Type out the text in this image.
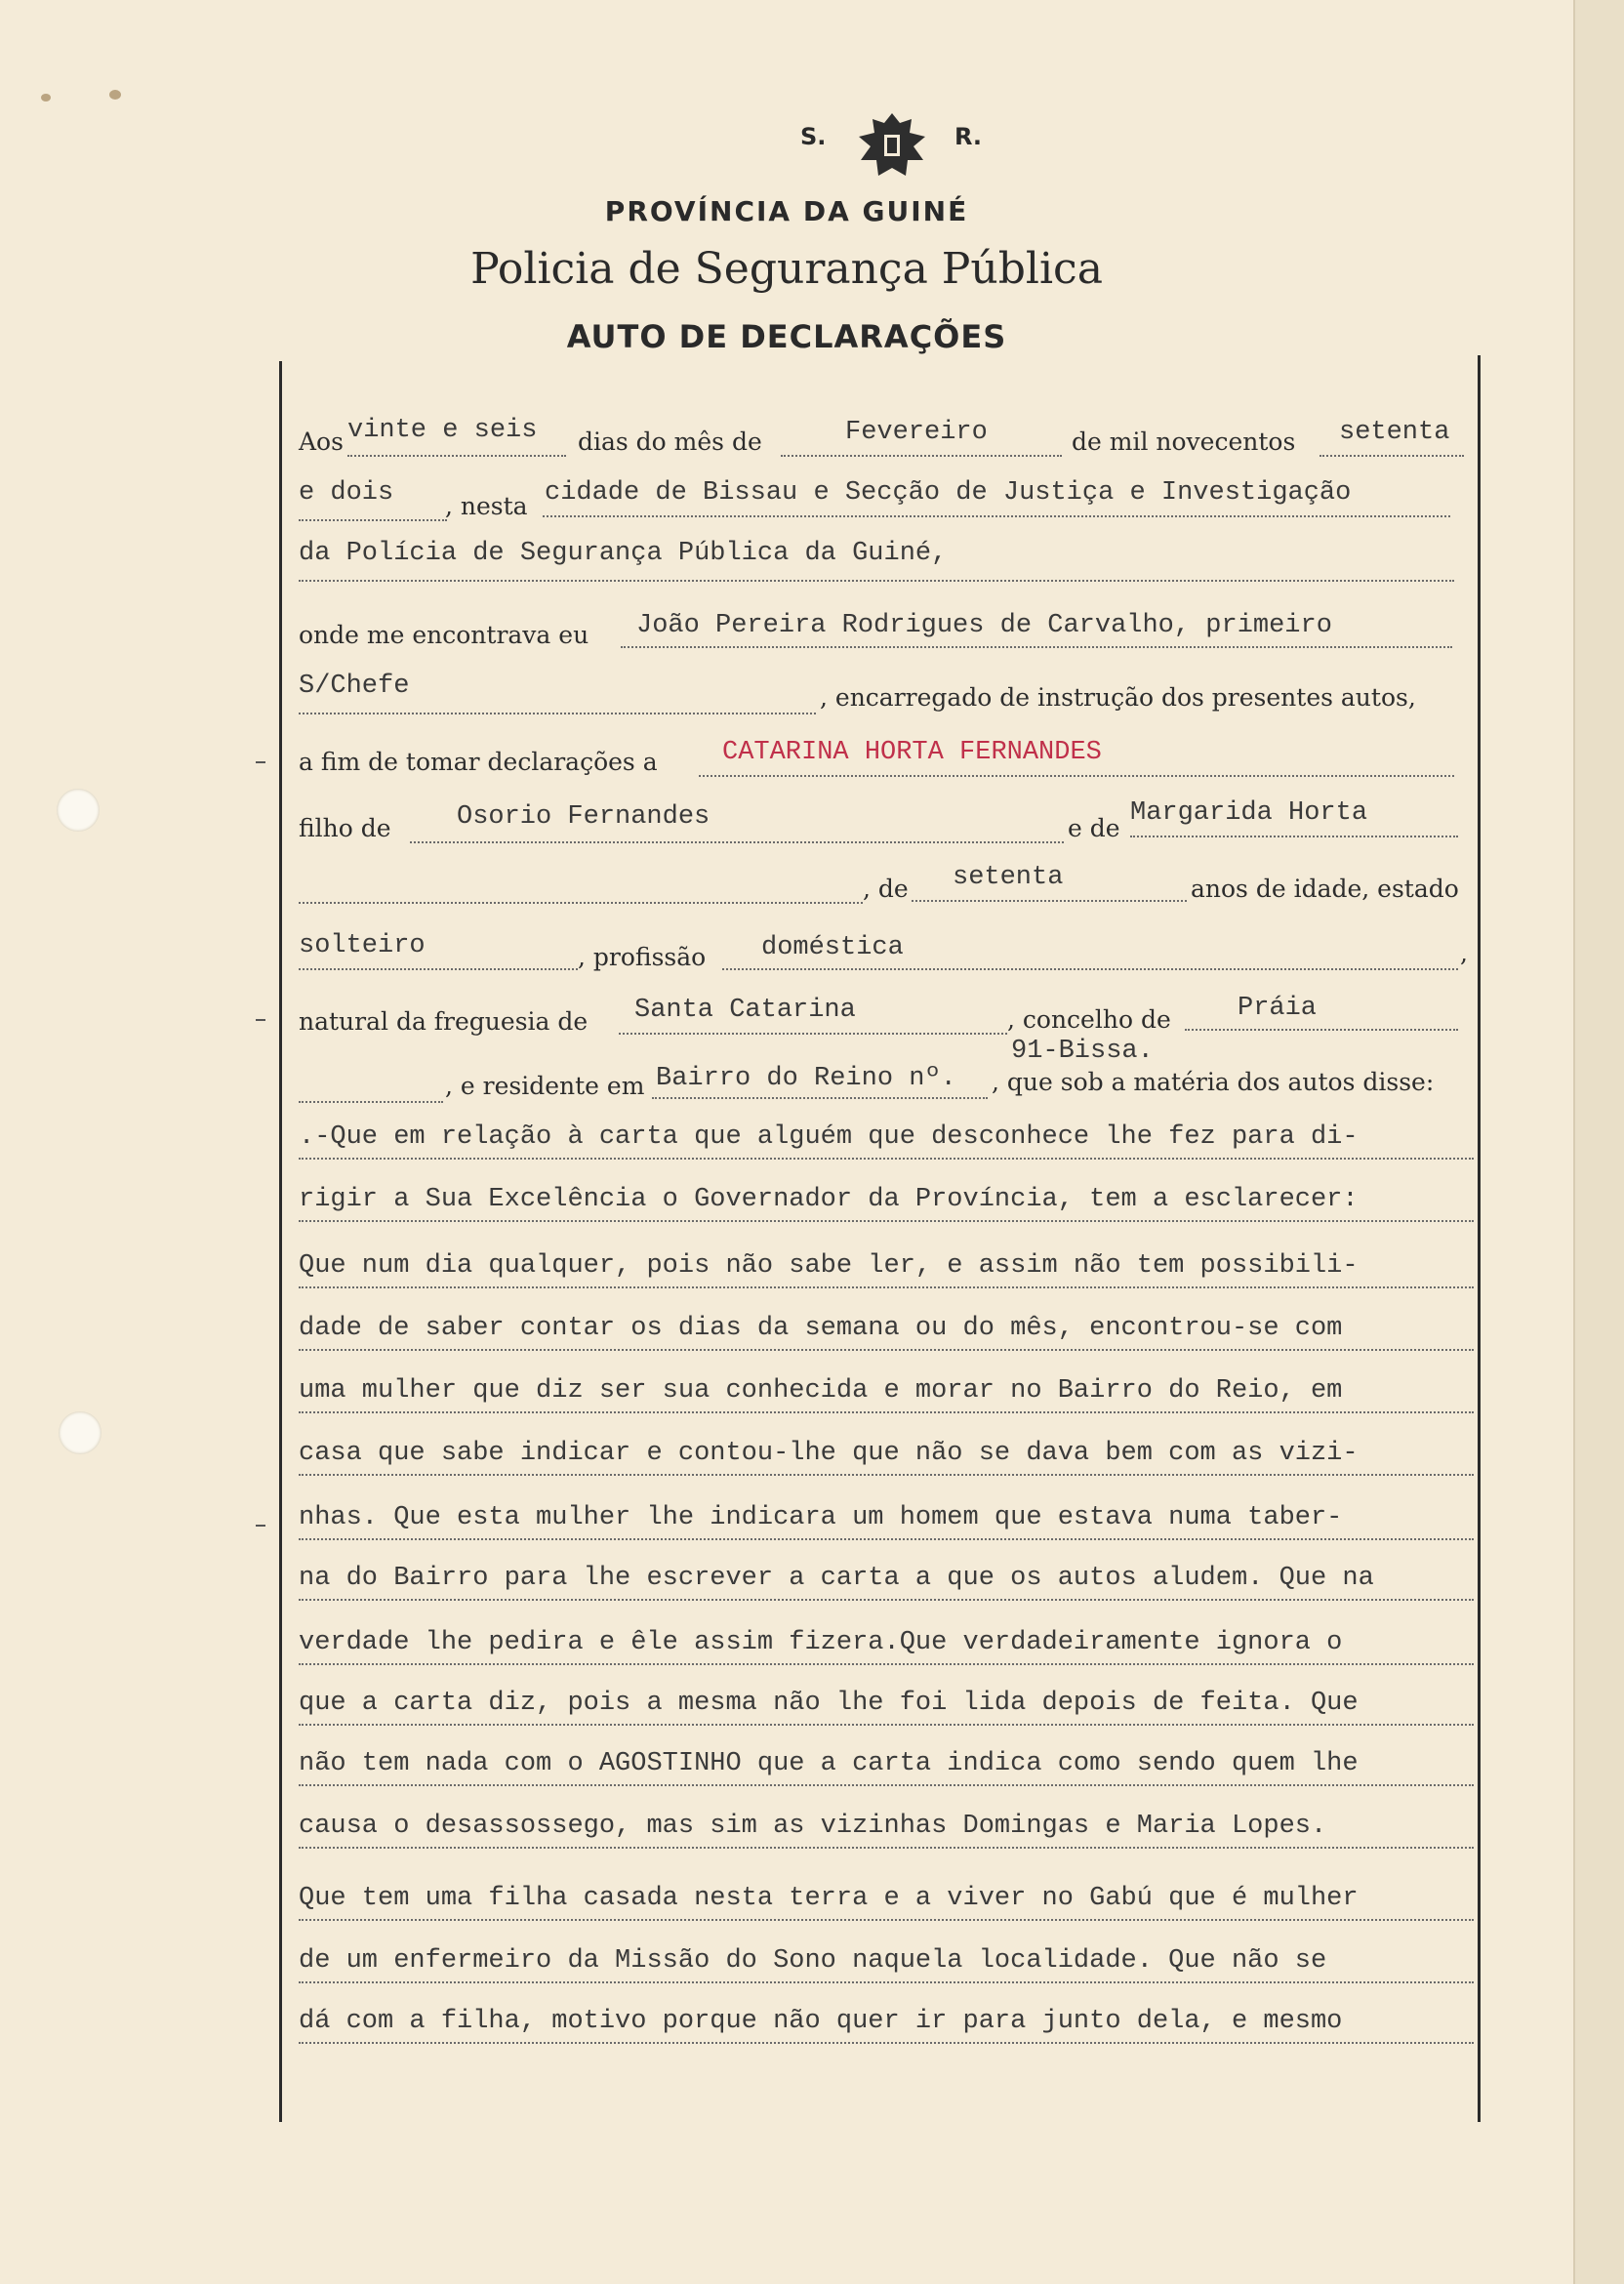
S.	R.
PROVÍNCIA DA GUINÉ
Policia de Segurança Pública
AUTO DE DECLARAÇÕES
Aos vinte e seis dias do mês de	Fevereiro	de mil novecentos setenta
e dois , nesta cidade de Bissau e Secção de Justiça e Investigação
da Polícia de Segurança Pública da Guiné,
onde me encontrava eu João Pereira Rodrigues de Carvalho, primeiro
S/Chefe	, encarregado de instrução dos presentes autos,
a fim de tomar declarações a CATARINA HORTA FERNANDES
filho de Osorio Fernandes	e de
Margarida Horta
, de setenta	anos de idade, estado
solteiro	, profissão doméstica	,
natural da freguesia de Santa Catarina	, concelho de	Práia
91-Bissa.
, e residente em Bairro do Reino nº. , que sob a matéria dos autos disse:
.-Que em relação à carta que alguém que desconhece lhe fez para di-
rigir a Sua Excelência o Governador da Província, tem a esclarecer:
Que num dia qualquer, pois não sabe ler, e assim não tem possibili-
dade de saber contar os dias da semana ou do mês, encontrou-se com
uma mulher que diz ser sua conhecida e morar no Bairro do Reio, em
casa que sabe indicar e contou-lhe que não se dava bem com as vizi-
nhas. Que esta mulher lhe indicara um homem que estava numa taber-
na do Bairro para lhe escrever a carta a que os autos aludem. Que na
verdade lhe pedira e êle assim fizera.Que verdadeiramente ignora o
que a carta diz, pois a mesma não lhe foi lida depois de feita. Que
não tem nada com o AGOSTINHO que a carta indica como sendo quem lhe
causa o desassossego, mas sim as vizinhas Domingas e Maria Lopes.
Que tem uma filha casada nesta terra e a viver no Gabú que é mulher
de um enfermeiro da Missão do Sono naquela localidade. Que não se
dá com a filha, motivo porque não quer ir para junto dela, e mesmo
